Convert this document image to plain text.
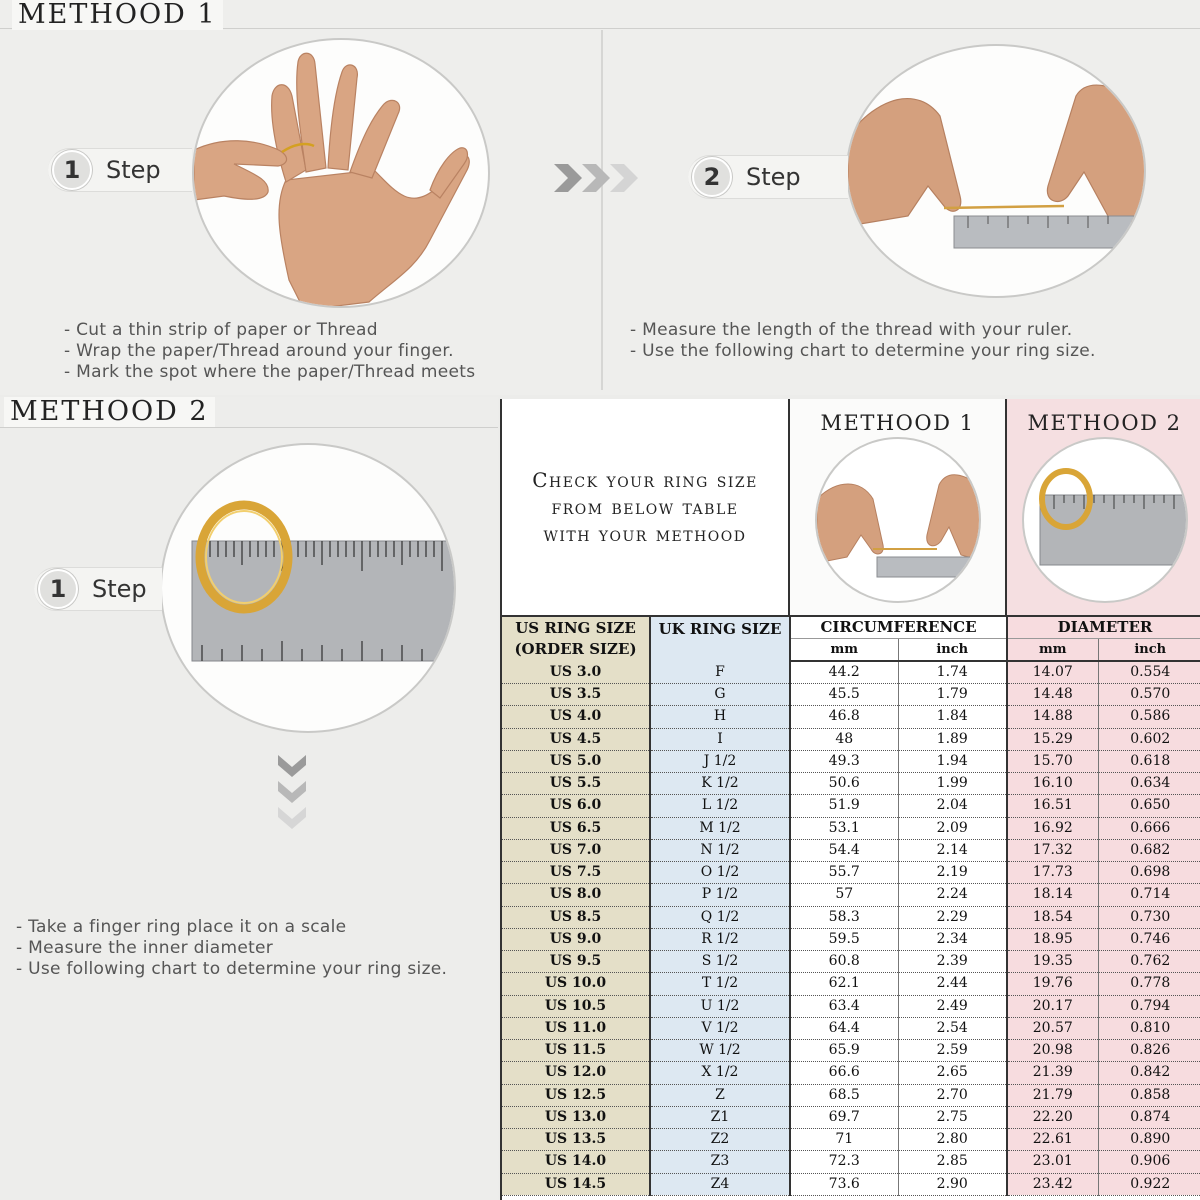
METHOOD 1
1	Step	2	Step
- Cut a thin strip of paper or Thread
- Wrap the paper/Thread around your finger.
- Mark the spot where the paper/Thread meets
- Measure the length of the thread with your ruler.
- Use the following chart to determine your ring size.
METHOOD 2
1	Step
- Take a finger ring place it on a scale
- Measure the inner diameter
- Use following chart to determine your ring size.
Check your ring size
from below table
with your methood
METHOOD 1	METHOOD 2
US RING SIZE
(ORDER SIZE)	UK RING SIZE	CIRCUMFERENCE		DIAMETER	
		mm	inch	mm	inch
US 3.0	F	44.2	1.74	14.07	0.554
US 3.5	G	45.5	1.79	14.48	0.570
US 4.0	H	46.8	1.84	14.88	0.586
US 4.5	I	48	1.89	15.29	0.602
US 5.0	J 1/2	49.3	1.94	15.70	0.618
US 5.5	K 1/2	50.6	1.99	16.10	0.634
US 6.0	L 1/2	51.9	2.04	16.51	0.650
US 6.5	M 1/2	53.1	2.09	16.92	0.666
US 7.0	N 1/2	54.4	2.14	17.32	0.682
US 7.5	O 1/2	55.7	2.19	17.73	0.698
US 8.0	P 1/2	57	2.24	18.14	0.714
US 8.5	Q 1/2	58.3	2.29	18.54	0.730
US 9.0	R 1/2	59.5	2.34	18.95	0.746
US 9.5	S 1/2	60.8	2.39	19.35	0.762
US 10.0	T 1/2	62.1	2.44	19.76	0.778
US 10.5	U 1/2	63.4	2.49	20.17	0.794
US 11.0	V 1/2	64.4	2.54	20.57	0.810
US 11.5	W 1/2	65.9	2.59	20.98	0.826
US 12.0	X 1/2	66.6	2.65	21.39	0.842
US 12.5	Z	68.5	2.70	21.79	0.858
US 13.0	Z1	69.7	2.75	22.20	0.874
US 13.5	Z2	71	2.80	22.61	0.890
US 14.0	Z3	72.3	2.85	23.01	0.906
US 14.5	Z4	73.6	2.90	23.42	0.922
